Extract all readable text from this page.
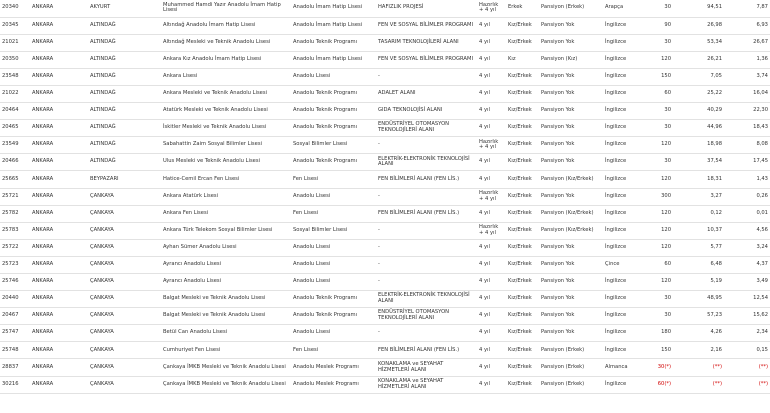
20340	ANKARA	AKYURT	Muhammed Hamdi Yazır Anadolu İmam Hatip Lisesi	Anadolu İmam Hatip Lisesi	HAFIZLIK PROJESİ	Hazırlık + 4 yıl	Erkek	Pansiyon (Erkek)	Arapça	30	94,51	7,87
20345	ANKARA	ALTINDAĞ	Altındağ Anadolu İmam Hatip Lisesi	Anadolu İmam Hatip Lisesi	FEN VE SOSYAL BİLİMLER PROGRAMI	4 yıl	Kız/Erkek	Pansiyon Yok	İngilizce	90	26,98	6,93
21021	ANKARA	ALTINDAĞ	Altındağ Mesleki ve Teknik Anadolu Lisesi	Anadolu Teknik Programı	TASARIM TEKNOLOJİLERİ ALANI	4 yıl	Kız/Erkek	Pansiyon Yok	İngilizce	30	53,34	26,67
20350	ANKARA	ALTINDAĞ	Ankara Kız Anadolu İmam Hatip Lisesi	Anadolu İmam Hatip Lisesi	FEN VE SOSYAL BİLİMLER PROGRAMI	4 yıl	Kız	Pansiyon (Kız)	İngilizce	120	26,21	1,36
23548	ANKARA	ALTINDAĞ	Ankara Lisesi	Anadolu Lisesi	-	4 yıl	Kız/Erkek	Pansiyon Yok	İngilizce	150	7,05	3,74
21022	ANKARA	ALTINDAĞ	Ankara Mesleki ve Teknik Anadolu Lisesi	Anadolu Teknik Programı	ADALET ALANI	4 yıl	Kız/Erkek	Pansiyon Yok	İngilizce	60	25,22	16,04
20464	ANKARA	ALTINDAĞ	Atatürk Mesleki ve Teknik Anadolu Lisesi	Anadolu Teknik Programı	GIDA TEKNOLOJİSİ ALANI	4 yıl	Kız/Erkek	Pansiyon Yok	İngilizce	30	40,29	22,30
20465	ANKARA	ALTINDAĞ	İskitler Mesleki ve Teknik Anadolu Lisesi	Anadolu Teknik Programı	ENDÜSTRİYEL OTOMASYON TEKNOLOJİLERİ ALANI	4 yıl	Kız/Erkek	Pansiyon Yok	İngilizce	30	44,96	18,43
23549	ANKARA	ALTINDAĞ	Sabahattin Zaim Sosyal Bilimler Lisesi	Sosyal Bilimler Lisesi	-	Hazırlık + 4 yıl	Kız/Erkek	Pansiyon Yok	İngilizce	120	18,98	8,08
20466	ANKARA	ALTINDAĞ	Ulus Mesleki ve Teknik Anadolu Lisesi	Anadolu Teknik Programı	ELEKTRİK-ELEKTRONİK TEKNOLOJİSİ ALANI	4 yıl	Kız/Erkek	Pansiyon Yok	İngilizce	30	37,54	17,45
25665	ANKARA	BEYPAZARI	Hatice-Cemil Ercan Fen Lisesi	Fen Lisesi	FEN BİLİMLERİ ALANI (FEN LİS.)	4 yıl	Kız/Erkek	Pansiyon (Kız/Erkek)	İngilizce	120	18,31	1,43
25721	ANKARA	ÇANKAYA	Ankara Atatürk Lisesi	Anadolu Lisesi	-	Hazırlık + 4 yıl	Kız/Erkek	Pansiyon Yok	İngilizce	300	3,27	0,26
25782	ANKARA	ÇANKAYA	Ankara Fen Lisesi	Fen Lisesi	FEN BİLİMLERİ ALANI (FEN LİS.)	4 yıl	Kız/Erkek	Pansiyon (Kız/Erkek)	İngilizce	120	0,12	0,01
25783	ANKARA	ÇANKAYA	Ankara Türk Telekom Sosyal Bilimler Lisesi	Sosyal Bilimler Lisesi	-	Hazırlık + 4 yıl	Kız/Erkek	Pansiyon (Kız/Erkek)	İngilizce	120	10,37	4,56
25722	ANKARA	ÇANKAYA	Ayhan Sümer Anadolu Lisesi	Anadolu Lisesi	-	4 yıl	Kız/Erkek	Pansiyon Yok	İngilizce	120	5,77	3,24
25723	ANKARA	ÇANKAYA	Ayrancı Anadolu Lisesi	Anadolu Lisesi	-	4 yıl	Kız/Erkek	Pansiyon Yok	Çince	60	6,48	4,37
25746	ANKARA	ÇANKAYA	Ayrancı Anadolu Lisesi	Anadolu Lisesi	-	4 yıl	Kız/Erkek	Pansiyon Yok	İngilizce	120	5,19	3,49
20440	ANKARA	ÇANKAYA	Balgat Mesleki ve Teknik Anadolu Lisesi	Anadolu Teknik Programı	ELEKTRİK-ELEKTRONİK TEKNOLOJİSİ ALANI	4 yıl	Kız/Erkek	Pansiyon Yok	İngilizce	30	48,95	12,54
20467	ANKARA	ÇANKAYA	Balgat Mesleki ve Teknik Anadolu Lisesi	Anadolu Teknik Programı	ENDÜSTRİYEL OTOMASYON TEKNOLOJİLERİ ALANI	4 yıl	Kız/Erkek	Pansiyon Yok	İngilizce	30	57,23	15,62
25747	ANKARA	ÇANKAYA	Betül Can Anadolu Lisesi	Anadolu Lisesi	-	4 yıl	Kız/Erkek	Pansiyon Yok	İngilizce	180	4,26	2,34
25748	ANKARA	ÇANKAYA	Cumhuriyet Fen Lisesi	Fen Lisesi	FEN BİLİMLERİ ALANI (FEN LİS.)	4 yıl	Kız/Erkek	Pansiyon (Erkek)	İngilizce	150	2,16	0,15
28837	ANKARA	ÇANKAYA	Çankaya İMKB Mesleki ve Teknik Anadolu Lisesi	Anadolu Meslek Programı	KONAKLAMA ve SEYAHAT HİZMETLERİ ALANI	4 yıl	Kız/Erkek	Pansiyon (Erkek)	Almanca	30(*)	(**)	(**)
30216	ANKARA	ÇANKAYA	Çankaya İMKB Mesleki ve Teknik Anadolu Lisesi	Anadolu Meslek Programı	KONAKLAMA ve SEYAHAT HİZMETLERİ ALANI	4 yıl	Kız/Erkek	Pansiyon (Erkek)	İngilizce	60(*)	(**)	(**)
